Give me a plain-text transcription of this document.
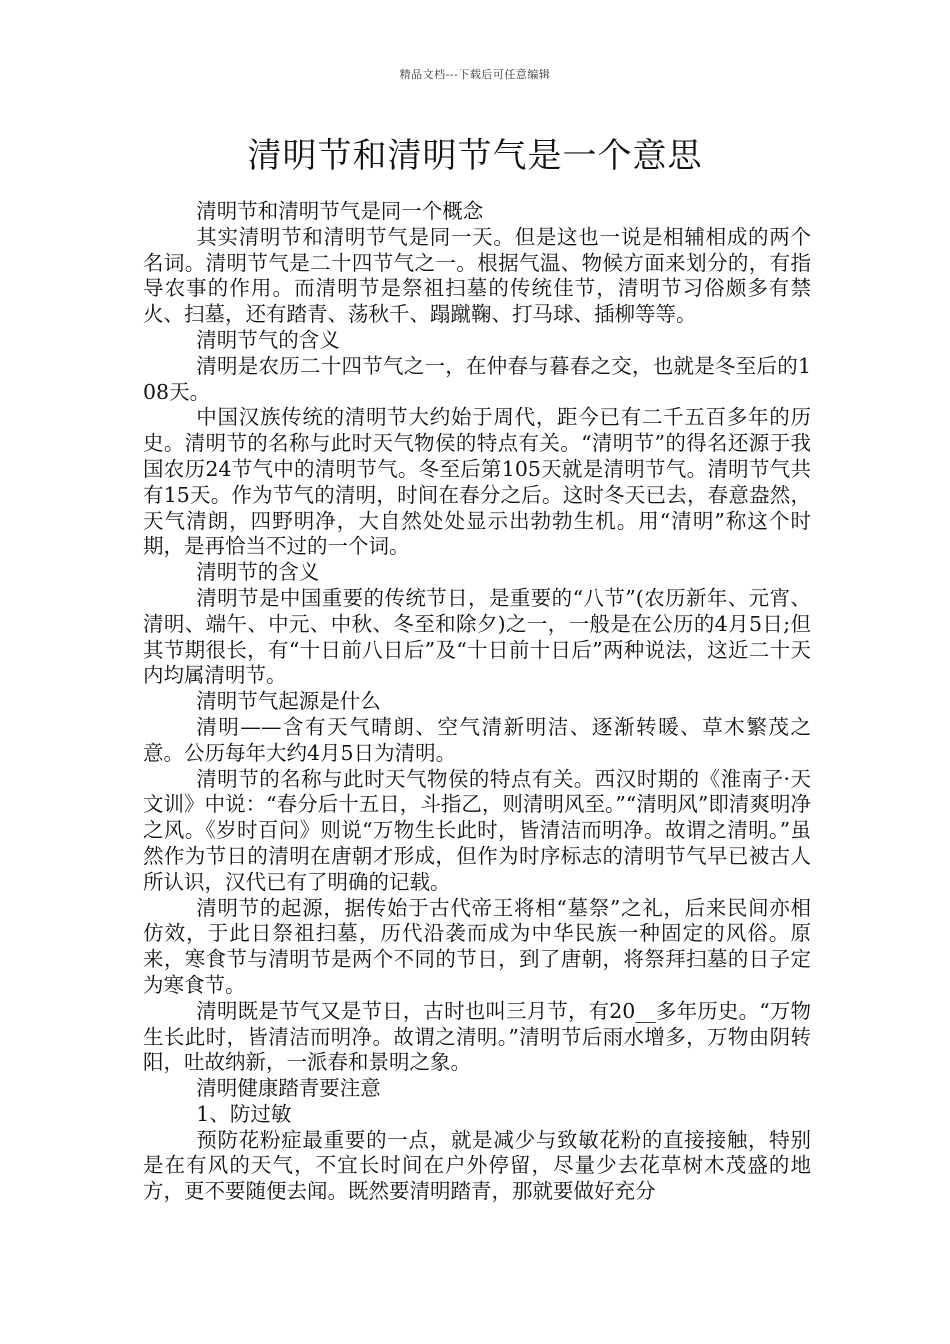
精品文档---下载后可任意编辑
清明节和清明节气是一个意思

清明节和清明节气是同一个概念

其实清明节和清明节气是同一天。但是这也一说是相辅相成的两个名词。清明节气是二十四节气之一。根据气温、物候方面来划分的，有指导农事的作用。而清明节是祭祖扫墓的传统佳节，清明节习俗颇多有禁火、扫墓，还有踏青、荡秋千、蹋蹴鞠、打马球、插柳等等。

清明节气的含义

清明是农历二十四节气之一，在仲春与暮春之交，也就是冬至后的108天。

中国汉族传统的清明节大约始于周代，距今已有二千五百多年的历史。清明节的名称与此时天气物侯的特点有关。“清明节”的得名还源于我国农历24节气中的清明节气。冬至后第105天就是清明节气。清明节气共有15天。作为节气的清明，时间在春分之后。这时冬天已去，春意盎然，天气清朗，四野明净，大自然处处显示出勃勃生机。用“清明”称这个时期，是再恰当不过的一个词。

清明节的含义

清明节是中国重要的传统节日，是重要的“八节”(农历新年、元宵、清明、端午、中元、中秋、冬至和除夕)之一，一般是在公历的4月5日;但其节期很长，有“十日前八日后”及“十日前十日后”两种说法，这近二十天内均属清明节。

清明节气起源是什么

清明——含有天气晴朗、空气清新明洁、逐渐转暖、草木繁茂之意。公历每年大约4月5日为清明。

清明节的名称与此时天气物侯的特点有关。西汉时期的《淮南子·天文训》中说：“春分后十五日，斗指乙，则清明风至。”“清明风”即清爽明净之风。《岁时百问》则说“万物生长此时，皆清洁而明净。故谓之清明。”虽然作为节日的清明在唐朝才形成，但作为时序标志的清明节气早已被古人所认识，汉代已有了明确的记载。

清明节的起源，据传始于古代帝王将相“墓祭”之礼，后来民间亦相仿效，于此日祭祖扫墓，历代沿袭而成为中华民族一种固定的风俗。原来，寒食节与清明节是两个不同的节日，到了唐朝，将祭拜扫墓的日子定为寒食节。

清明既是节气又是节日，古时也叫三月节，有20__多年历史。“万物生长此时，皆清洁而明净。故谓之清明。”清明节后雨水增多，万物由阴转阳，吐故纳新，一派春和景明之象。

清明健康踏青要注意

1、防过敏

预防花粉症最重要的一点，就是减少与致敏花粉的直接接触，特别是在有风的天气，不宜长时间在户外停留，尽量少去花草树木茂盛的地方，更不要随便去闻。既然要清明踏青，那就要做好充分
